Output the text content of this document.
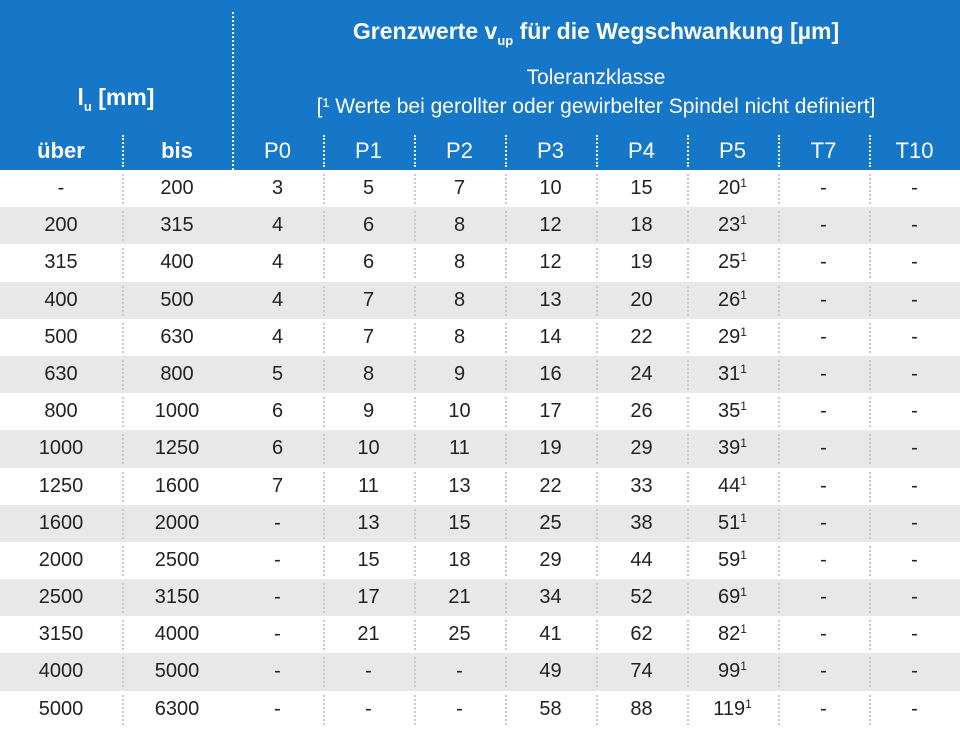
Grenzwerte $v_{up}$ für die Wegschwankung [µm]
Toleranzklasse
[¹ Werte bei gerollter oder gewirbelter Spindel nicht definiert]
$l_u$ [mm]
über	bis	P0	P1	P2	P3	P4	P5	T7	T10
-	200	3	5	7	10	15	$20^1$	-	-
200	315	4	6	8	12	18	$23^1$	-	-
315	400	4	6	8	12	19	$25^1$	-	-
400	500	4	7	8	13	20	$26^1$	-	-
500	630	4	7	8	14	22	$29^1$	-	-
630	800	5	8	9	16	24	$31^1$	-	-
800	1000	6	9	10	17	26	$35^1$	-	-
1000	1250	6	10	11	19	29	$39^1$	-	-
1250	1600	7	11	13	22	33	$44^1$	-	-
1600	2000	-	13	15	25	38	$51^1$	-	-
2000	2500	-	15	18	29	44	$59^1$	-	-
2500	3150	-	17	21	34	52	$69^1$	-	-
3150	4000	-	21	25	41	62	$82^1$	-	-
4000	5000	-	-	-	49	74	$99^1$	-	-
5000	6300	-	-	-	58	88	$119^1$	-	-
